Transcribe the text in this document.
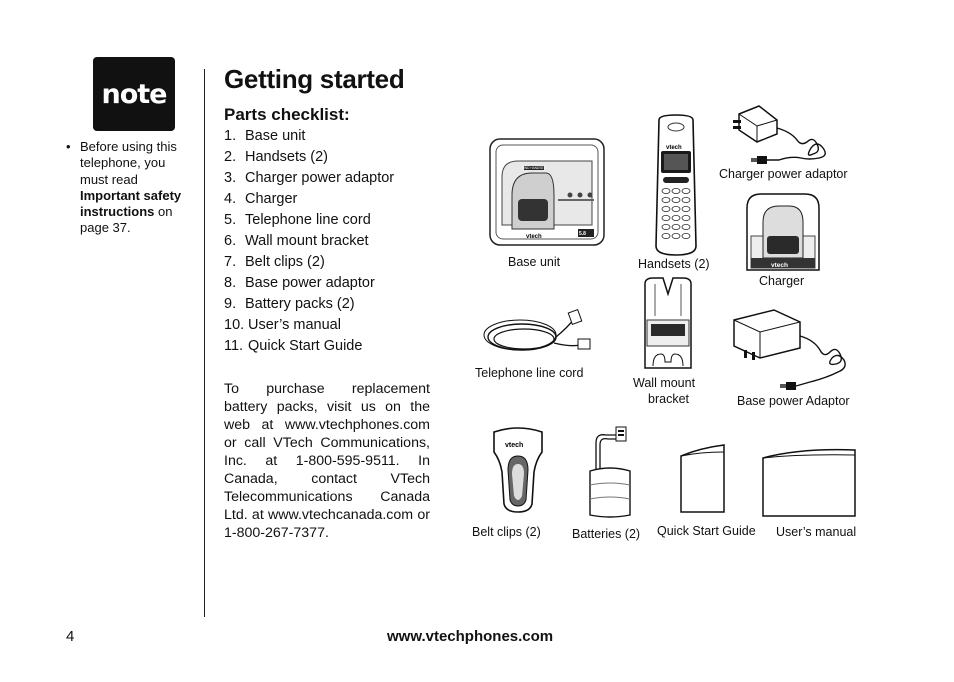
note
• Before using this telephone, you must read Important safety instructions on page 37.
Getting started
Parts checklist:
1. Base unit
2. Handsets (2)
3. Charger power adaptor
4. Charger
5. Telephone line cord
6. Wall mount bracket
7. Belt clips (2)
8. Base power adaptor
9. Battery packs (2)
10. User’s manual
11. Quick Start Guide
To purchase replacement battery packs, visit us on the web at www.vtechphones.com or call VTech Communications, Inc. at 1-800-595-9511. In Canada, contact VTech Telecommunications Canada Ltd. at www.vtechcanada.com or 1-800-267-7377.
vtech
FIND HANDSET
5.8
Base unit
vtech
Handsets (2)
Charger power adaptor
vtech
Charger
Telephone line cord
Wall mount
bracket	Base power Adaptor
vtech
Belt clips (2) Batteries (2) Quick Start Guide User’s manual
4	www.vtechphones.com
